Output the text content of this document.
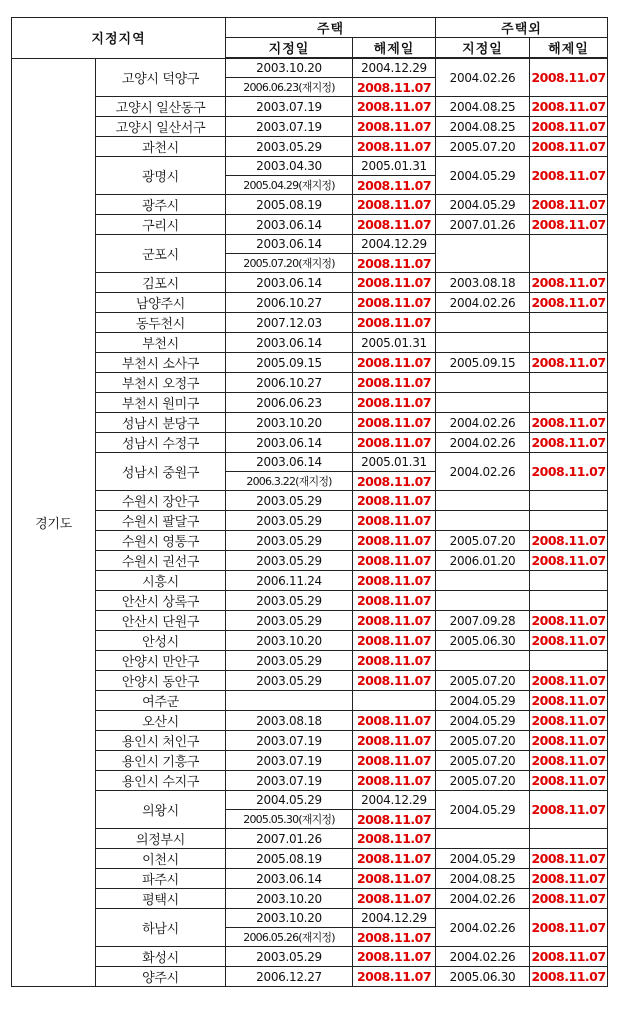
지정지역		주택		주택외	
		지정일	해제일	지정일	해제일
경기도	고양시 덕양구	2003.10.20	2004.12.29	2004.02.26	2008.11.07
		2006.06.23(재지정)	2008.11.07		
	고양시 일산동구	2003.07.19	2008.11.07	2004.08.25	2008.11.07
	고양시 일산서구	2003.07.19	2008.11.07	2004.08.25	2008.11.07
	과천시	2003.05.29	2008.11.07	2005.07.20	2008.11.07
	광명시	2003.04.30	2005.01.31	2004.05.29	2008.11.07
		2005.04.29(재지정)	2008.11.07		
	광주시	2005.08.19	2008.11.07	2004.05.29	2008.11.07
	구리시	2003.06.14	2008.11.07	2007.01.26	2008.11.07
	군포시	2003.06.14	2004.12.29		
		2005.07.20(재지정)	2008.11.07		
	김포시	2003.06.14	2008.11.07	2003.08.18	2008.11.07
	남양주시	2006.10.27	2008.11.07	2004.02.26	2008.11.07
	동두천시	2007.12.03	2008.11.07		
	부천시	2003.06.14	2005.01.31		
	부천시 소사구	2005.09.15	2008.11.07	2005.09.15	2008.11.07
	부천시 오정구	2006.10.27	2008.11.07		
	부천시 원미구	2006.06.23	2008.11.07		
	성남시 분당구	2003.10.20	2008.11.07	2004.02.26	2008.11.07
	성남시 수정구	2003.06.14	2008.11.07	2004.02.26	2008.11.07
	성남시 중원구	2003.06.14	2005.01.31	2004.02.26	2008.11.07
		2006.3.22(재지정)	2008.11.07		
	수원시 장안구	2003.05.29	2008.11.07		
	수원시 팔달구	2003.05.29	2008.11.07		
	수원시 영통구	2003.05.29	2008.11.07	2005.07.20	2008.11.07
	수원시 권선구	2003.05.29	2008.11.07	2006.01.20	2008.11.07
	시흥시	2006.11.24	2008.11.07		
	안산시 상록구	2003.05.29	2008.11.07		
	안산시 단원구	2003.05.29	2008.11.07	2007.09.28	2008.11.07
	안성시	2003.10.20	2008.11.07	2005.06.30	2008.11.07
	안양시 만안구	2003.05.29	2008.11.07		
	안양시 동안구	2003.05.29	2008.11.07	2005.07.20	2008.11.07
	여주군			2004.05.29	2008.11.07
	오산시	2003.08.18	2008.11.07	2004.05.29	2008.11.07
	용인시 처인구	2003.07.19	2008.11.07	2005.07.20	2008.11.07
	용인시 기흥구	2003.07.19	2008.11.07	2005.07.20	2008.11.07
	용인시 수지구	2003.07.19	2008.11.07	2005.07.20	2008.11.07
	의왕시	2004.05.29	2004.12.29	2004.05.29	2008.11.07
		2005.05.30(재지정)	2008.11.07		
	의정부시	2007.01.26	2008.11.07		
	이천시	2005.08.19	2008.11.07	2004.05.29	2008.11.07
	파주시	2003.06.14	2008.11.07	2004.08.25	2008.11.07
	평택시	2003.10.20	2008.11.07	2004.02.26	2008.11.07
	하남시	2003.10.20	2004.12.29	2004.02.26	2008.11.07
		2006.05.26(재지정)	2008.11.07		
	화성시	2003.05.29	2008.11.07	2004.02.26	2008.11.07
	양주시	2006.12.27	2008.11.07	2005.06.30	2008.11.07
